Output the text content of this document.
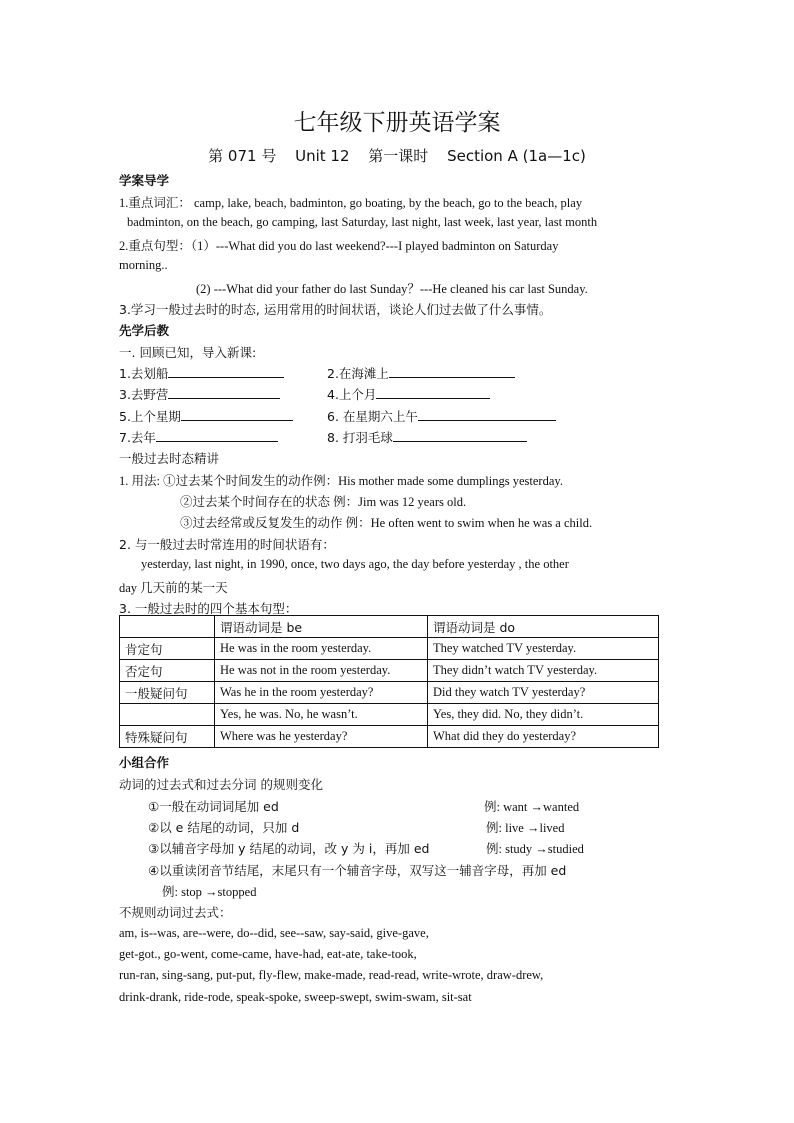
七年级下册英语学案
第 071 号 Unit 12 第一课时 Section A (1a—1c)
学案导学
1.重点词汇： camp, lake, beach, badminton, go boating, by the beach, go to the beach, play
badminton, on the beach, go camping, last Saturday, last night, last week, last year, last month
2.重点句型：（1）---What did you do last weekend?---I played badminton on Saturday
morning..
(2) ---What did your father do last Sunday？---He cleaned his car last Sunday.
3.学习一般过去时的时态, 运用常用的时间状语，谈论人们过去做了什么事情。
先学后教
一. 回顾已知，导入新课:
1.去划船	2.在海滩上
3.去野营	4.上个月
5.上个星期	6. 在星期六上午
7.去年	8. 打羽毛球
一般过去时态精讲
1. 用法: ①过去某个时间发生的动作例：His mother made some dumplings yesterday.
②过去某个时间存在的状态 例：Jim was 12 years old.
③过去经常或反复发生的动作 例：He often went to swim when he was a child.
2. 与一般过去时常连用的时间状语有：
yesterday, last night, in 1990, once, two days ago, the day before yesterday , the other
day 几天前的某一天
3. 一般过去时的四个基本句型：
	谓语动词是 be	谓语动词是 do
肯定句	He was in the room yesterday.	They watched TV yesterday.
否定句	He was not in the room yesterday.	They didn’t watch TV yesterday.
一般疑问句	Was he in the room yesterday?	Did they watch TV yesterday?
	Yes, he was. No, he wasn’t.	Yes, they did. No, they didn’t.
特殊疑问句	Where was he yesterday?	What did they do yesterday?
小组合作
动词的过去式和过去分词 的规则变化
①一般在动词词尾加 ed	例: want →wanted
②以 e 结尾的动词，只加 d	例: live →lived
③以辅音字母加 y 结尾的动词，改 y 为 i，再加 ed	例: study →studied
④以重读闭音节结尾，末尾只有一个辅音字母，双写这一辅音字母，再加 ed
例: stop →stopped
不规则动词过去式：
am, is--was, are--were, do--did, see--saw, say-said, give-gave,
get-got., go-went, come-came, have-had, eat-ate, take-took,
run-ran, sing-sang, put-put, fly-flew, make-made, read-read, write-wrote, draw-drew,
drink-drank, ride-rode, speak-spoke, sweep-swept, swim-swam, sit-sat
